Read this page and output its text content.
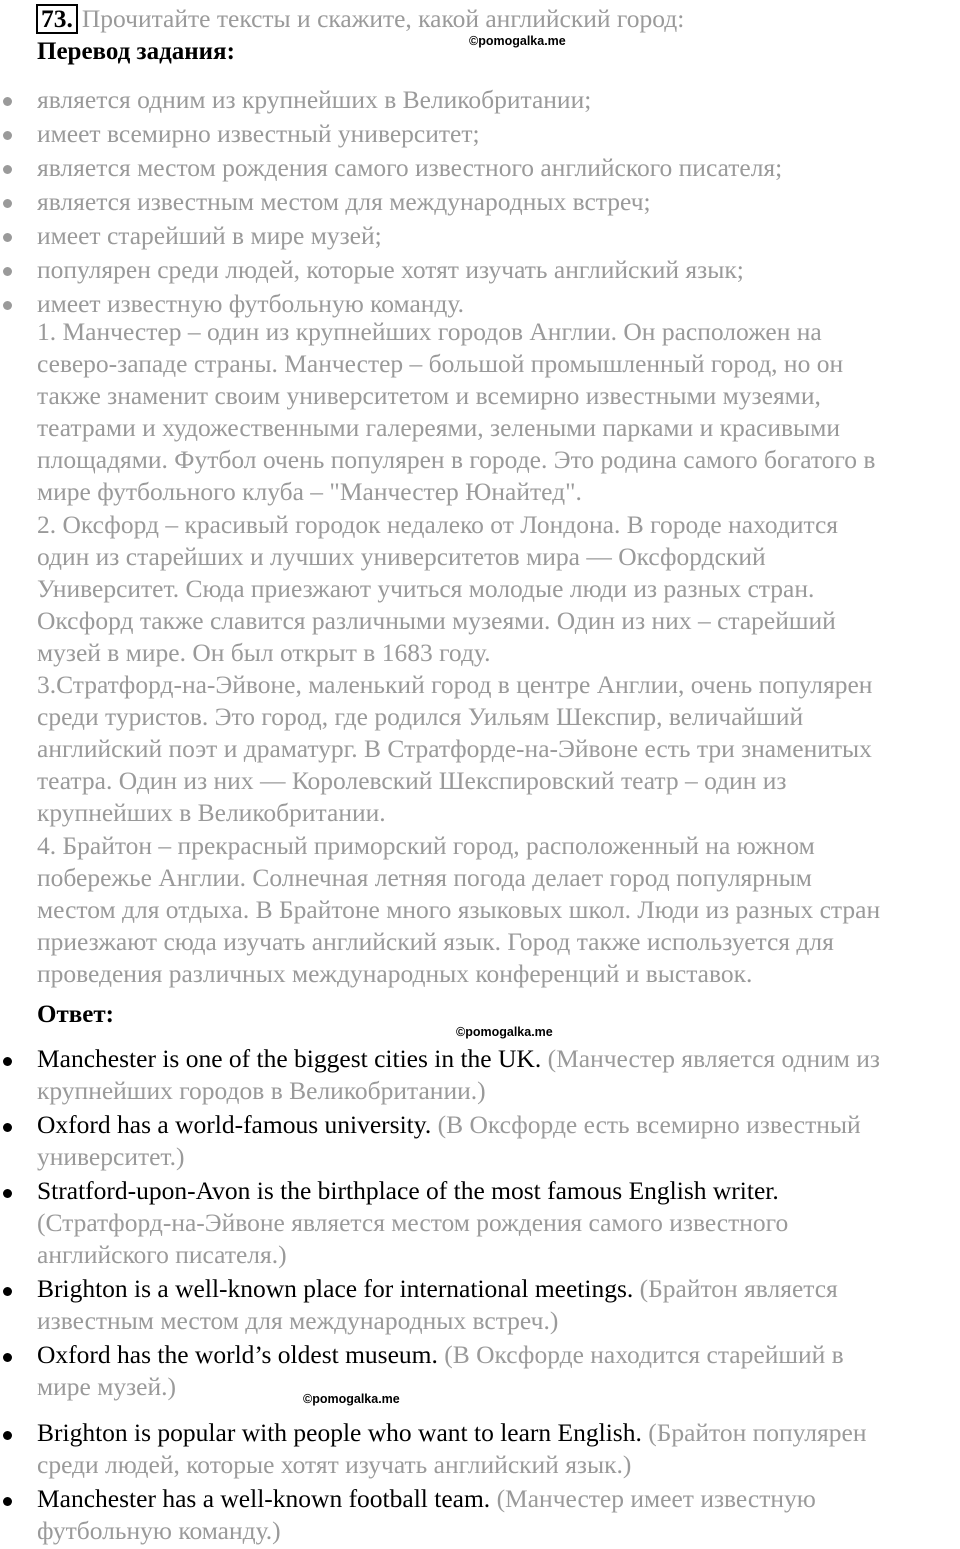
73. Прочитайте тексты и скажите, какой английский город:
©pomogalka.me
Перевод задания:
является одним из крупнейших в Великобритании;
имеет всемирно известный университет;
является местом рождения самого известного английского писателя;
является известным местом для международных встреч;
имеет старейший в мире музей;
популярен среди людей, которые хотят изучать английский язык;
имеет известную футбольную команду.
1. Манчестер – один из крупнейших городов Англии. Он расположен на
северо-западе страны. Манчестер – большой промышленный город, но он
также знаменит своим университетом и всемирно известными музеями,
театрами и художественными галереями, зелеными парками и красивыми
площадями. Футбол очень популярен в городе. Это родина самого богатого в
мире футбольного клуба – "Манчестер Юнайтед".
2. Оксфорд – красивый городок недалеко от Лондона. В городе находится
один из старейших и лучших университетов мира — Оксфордский
Университет. Сюда приезжают учиться молодые люди из разных стран.
Оксфорд также славится различными музеями. Один из них – старейший
музей в мире. Он был открыт в 1683 году.
3.Стратфорд-на-Эйвоне, маленький город в центре Англии, очень популярен
среди туристов. Это город, где родился Уильям Шекспир, величайший
английский поэт и драматург. В Стратфорде-на-Эйвоне есть три знаменитых
театра. Один из них — Королевский Шекспировский театр – один из
крупнейших в Великобритании.
4. Брайтон – прекрасный приморский город, расположенный на южном
побережье Англии. Солнечная летняя погода делает город популярным
местом для отдыха. В Брайтоне много языковых школ. Люди из разных стран
приезжают сюда изучать английский язык. Город также используется для
проведения различных международных конференций и выставок.
Ответ:
©pomogalka.me
Manchester is one of the biggest cities in the UK. (Манчестер является одним из
крупнейших городов в Великобритании.)
Oxford has a world-famous university. (В Оксфорде есть всемирно известный
университет.)
Stratford-upon-Avon is the birthplace of the most famous English writer.
(Стратфорд-на-Эйвоне является местом рождения самого известного
английского писателя.)
Brighton is a well-known place for international meetings. (Брайтон является
известным местом для международных встреч.)
Oxford has the world’s oldest museum. (В Оксфорде находится старейший в
мире музей.)
Brighton is popular with people who want to learn English. (Брайтон популярен
среди людей, которые хотят изучать английский язык.)
Manchester has a well-known football team. (Манчестер имеет известную
футбольную команду.)
©pomogalka.me
